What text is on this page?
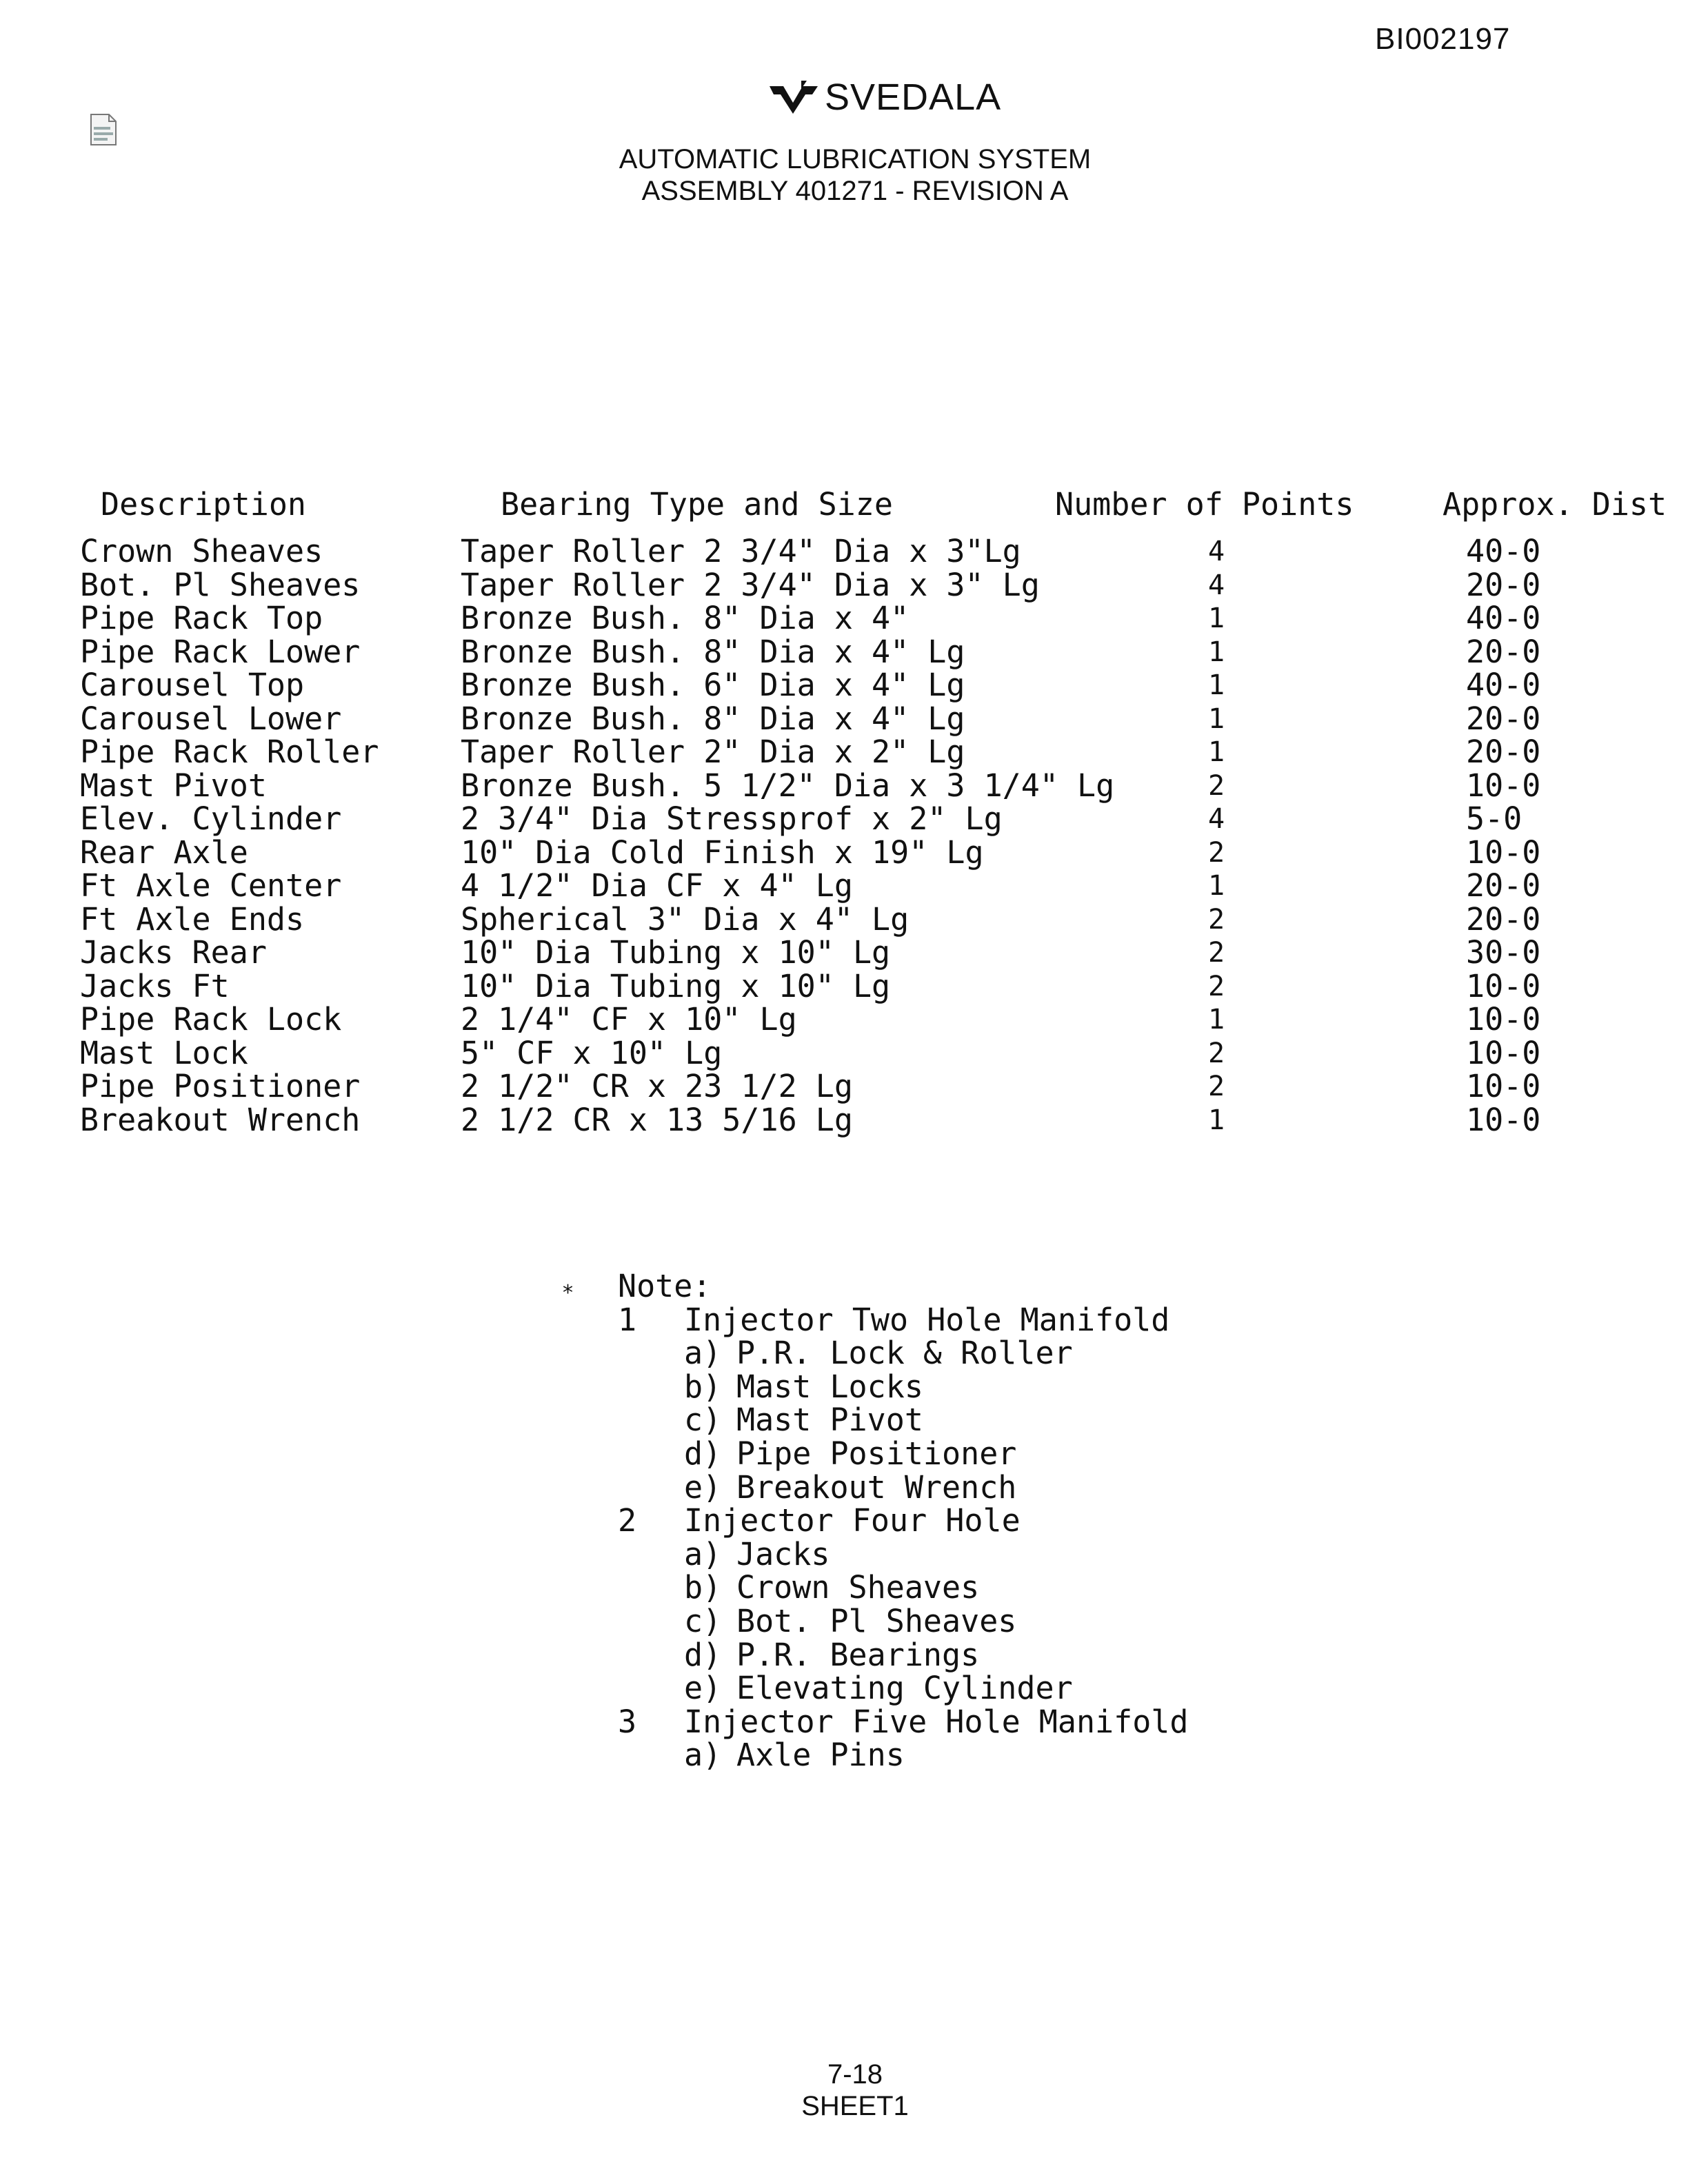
BI002197
SVEDALA
AUTOMATIC LUBRICATION SYSTEM
ASSEMBLY 401271 - REVISION A
Description	Bearing Type and Size	Number of Points	Approx. Dist
Crown Sheaves	Taper Roller 2 3/4" Dia x 3"Lg	4	40-0
Bot. Pl Sheaves	Taper Roller 2 3/4" Dia x 3" Lg	4	20-0
Pipe Rack Top	Bronze Bush. 8" Dia x 4"	1	40-0
Pipe Rack Lower	Bronze Bush. 8" Dia x 4" Lg	1	20-0
Carousel Top	Bronze Bush. 6" Dia x 4" Lg	1	40-0
Carousel Lower	Bronze Bush. 8" Dia x 4" Lg	1	20-0
Pipe Rack Roller	Taper Roller 2" Dia x 2" Lg	1	20-0
Mast Pivot	Bronze Bush. 5 1/2" Dia x 3 1/4" Lg	2	10-0
Elev. Cylinder	2 3/4" Dia Stressprof x 2" Lg	4	5-0
Rear Axle	10" Dia Cold Finish x 19" Lg	2	10-0
Ft Axle Center	4 1/2" Dia CF x 4" Lg	1	20-0
Ft Axle Ends	Spherical 3" Dia x 4" Lg	2	20-0
Jacks Rear	10" Dia Tubing x 10" Lg	2	30-0
Jacks Ft	10" Dia Tubing x 10" Lg	2	10-0
Pipe Rack Lock	2 1/4" CF x 10" Lg	1	10-0
Mast Lock	5" CF x 10" Lg	2	10-0
Pipe Positioner	2 1/2" CR x 23 1/2 Lg	2	10-0
Breakout Wrench	2 1/2 CR x 13 5/16 Lg	1	10-0
* Note:
1 Injector Two Hole Manifold
a) P.R. Lock & Roller
b) Mast Locks
c) Mast Pivot
d) Pipe Positioner
e) Breakout Wrench
2 Injector Four Hole
a) Jacks
b) Crown Sheaves
c) Bot. Pl Sheaves
d) P.R. Bearings
e) Elevating Cylinder
3 Injector Five Hole Manifold
a) Axle Pins
7-18
SHEET1
